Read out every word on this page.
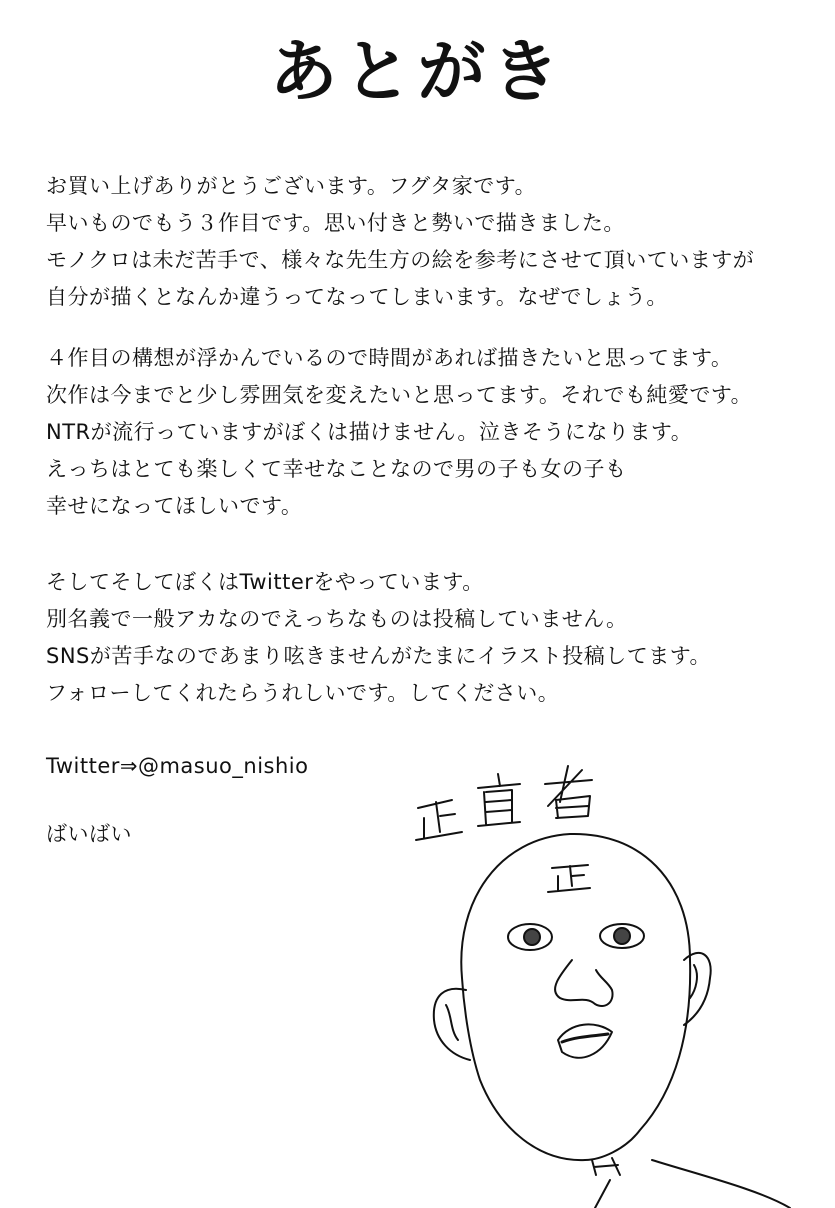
あとがき
お買い上げありがとうございます。フグタ家です。
早いものでもう３作目です。思い付きと勢いで描きました。
モノクロは未だ苦手で、様々な先生方の絵を参考にさせて頂いていますが
自分が描くとなんか違うってなってしまいます。なぜでしょう。
４作目の構想が浮かんでいるので時間があれば描きたいと思ってます。
次作は今までと少し雰囲気を変えたいと思ってます。それでも純愛です。
NTRが流行っていますがぼくは描けません。泣きそうになります。
えっちはとても楽しくて幸せなことなので男の子も女の子も
幸せになってほしいです。
そしてそしてぼくはTwitterをやっています。
別名義で一般アカなのでえっちなものは投稿していません。
SNSが苦手なのであまり呟きませんがたまにイラスト投稿してます。
フォローしてくれたらうれしいです。してください。
Twitter⇒@masuo_nishio
ばいばい
